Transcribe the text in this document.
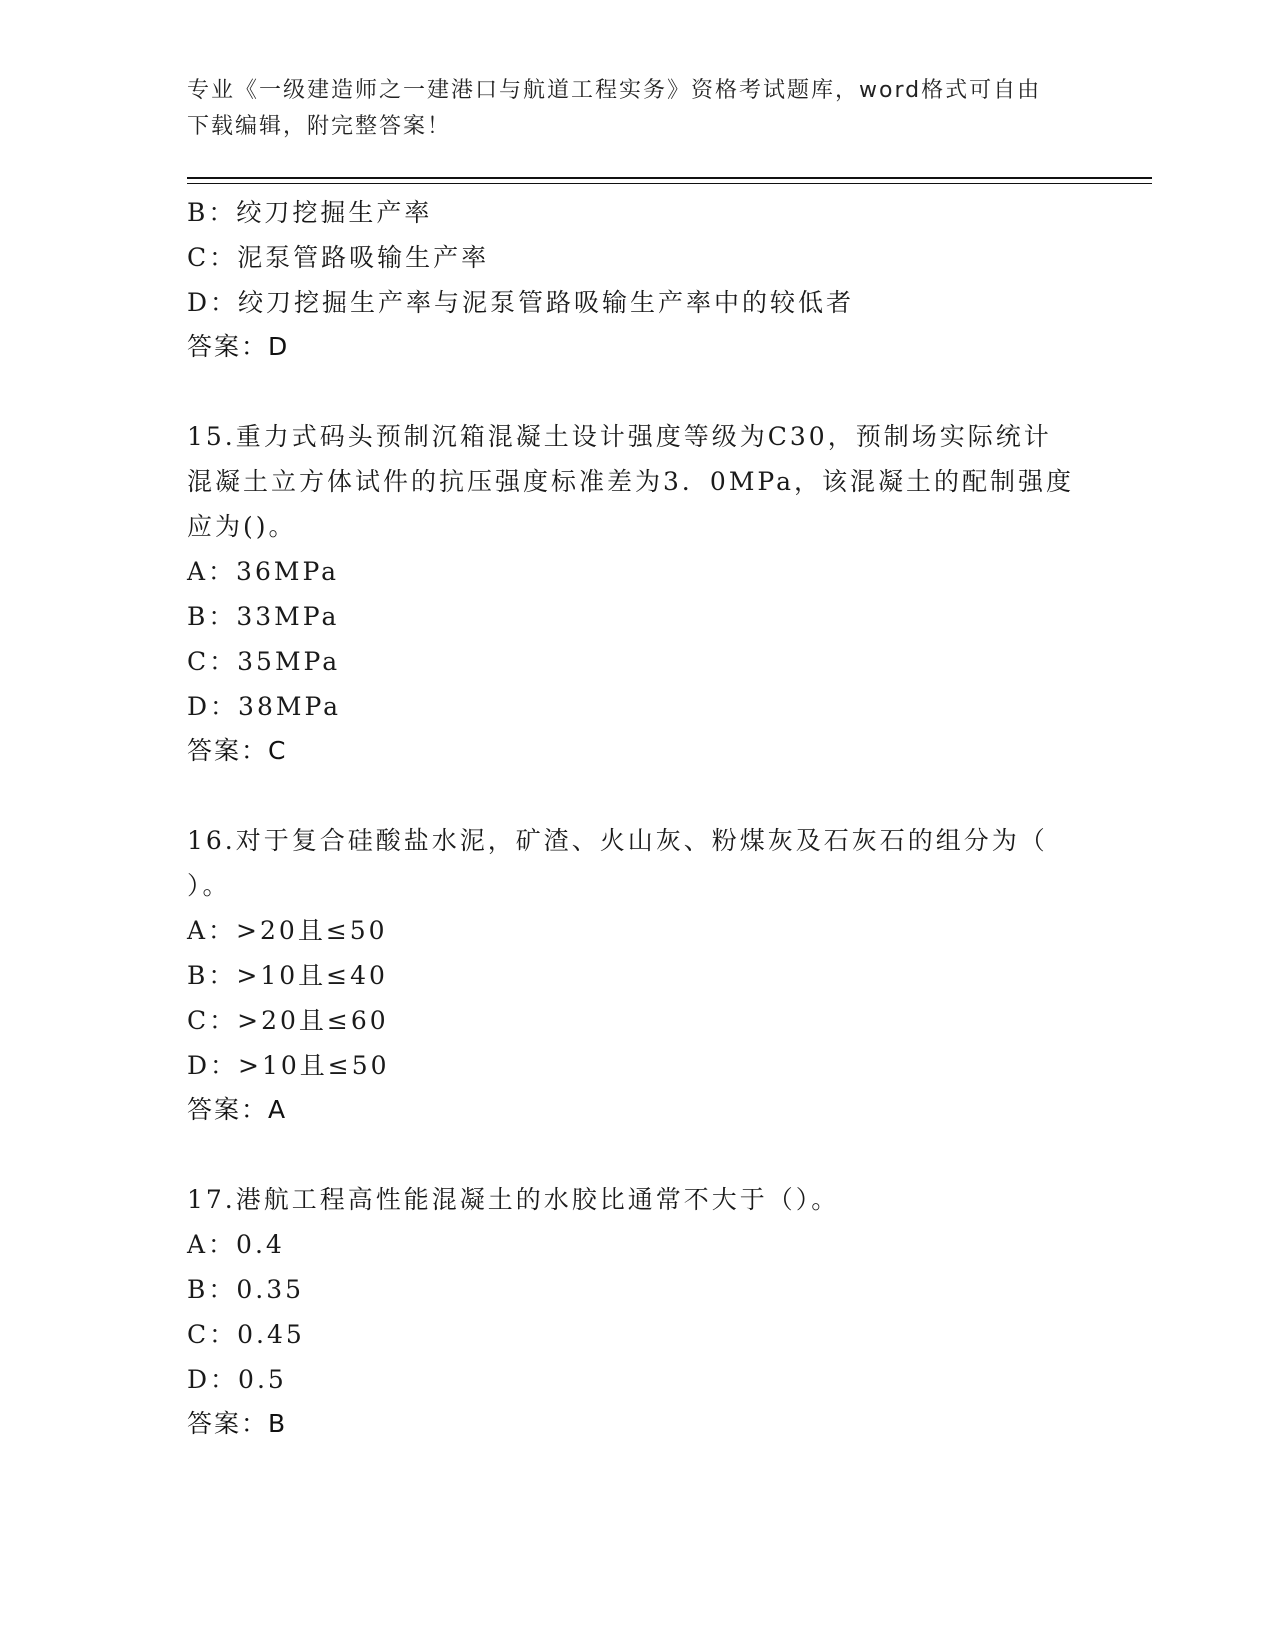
专业《一级建造师之一建港口与航道工程实务》资格考试题库，word格式可自由
下载编辑，附完整答案！
B：绞刀挖掘生产率
C：泥泵管路吸输生产率
D：绞刀挖掘生产率与泥泵管路吸输生产率中的较低者
答案：D
15.重力式码头预制沉箱混凝土设计强度等级为C30，预制场实际统计
混凝土立方体试件的抗压强度标准差为3．0MPa，该混凝土的配制强度
应为()。
A：36MPa
B：33MPa
C：35MPa
D：38MPa
答案：C
16.对于复合硅酸盐水泥，矿渣、火山灰、粉煤灰及石灰石的组分为（
）。
A：>20且≤50
B：>10且≤40
C：>20且≤60
D：>10且≤50
答案：A
17.港航工程高性能混凝土的水胶比通常不大于（）。
A：0.4
B：0.35
C：0.45
D：0.5
答案：B
